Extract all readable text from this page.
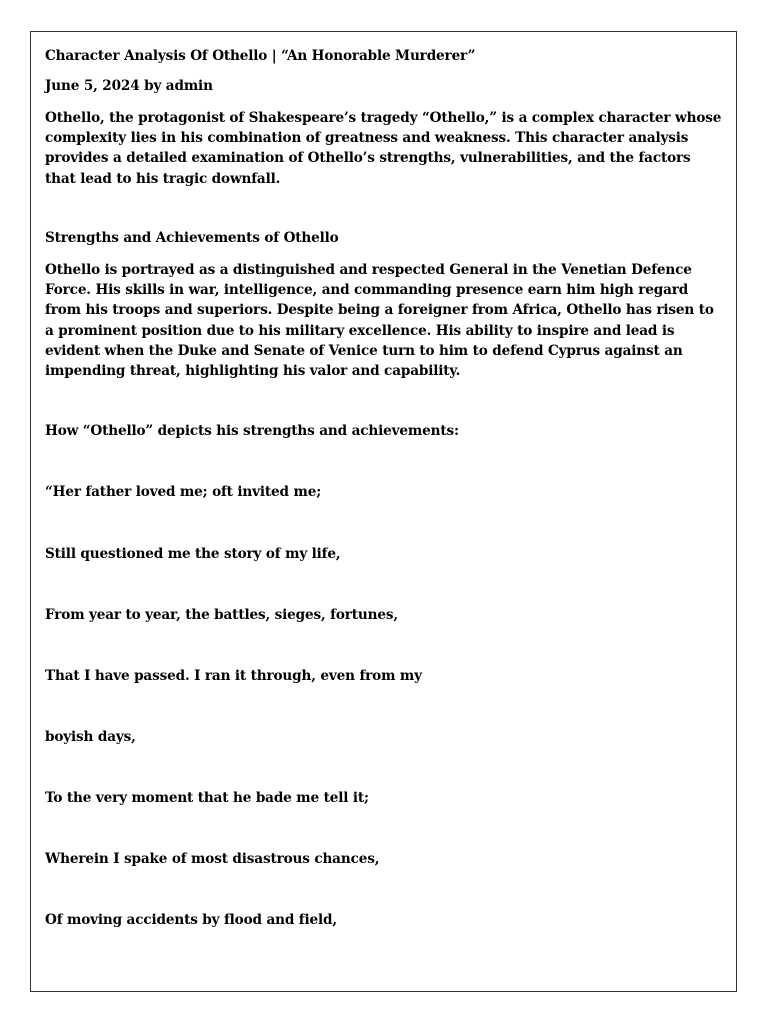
Character Analysis Of Othello | “An Honorable Murderer”
June 5, 2024 by admin
Othello, the protagonist of Shakespeare’s tragedy “Othello,” is a complex character whose complexity lies in his combination of greatness and weakness. This character analysis provides a detailed examination of Othello’s strengths, vulnerabilities, and the factors that lead to his tragic downfall.
Strengths and Achievements of Othello
Othello is portrayed as a distinguished and respected General in the Venetian Defence Force. His skills in war, intelligence, and commanding presence earn him high regard from his troops and superiors. Despite being a foreigner from Africa, Othello has risen to a prominent position due to his military excellence. His ability to inspire and lead is evident when the Duke and Senate of Venice turn to him to defend Cyprus against an impending threat, highlighting his valor and capability.
How “Othello” depicts his strengths and achievements:
“Her father loved me; oft invited me;
Still questioned me the story of my life,
From year to year, the battles, sieges, fortunes,
That I have passed. I ran it through, even from my
boyish days,
To the very moment that he bade me tell it;
Wherein I spake of most disastrous chances,
Of moving accidents by flood and field,
